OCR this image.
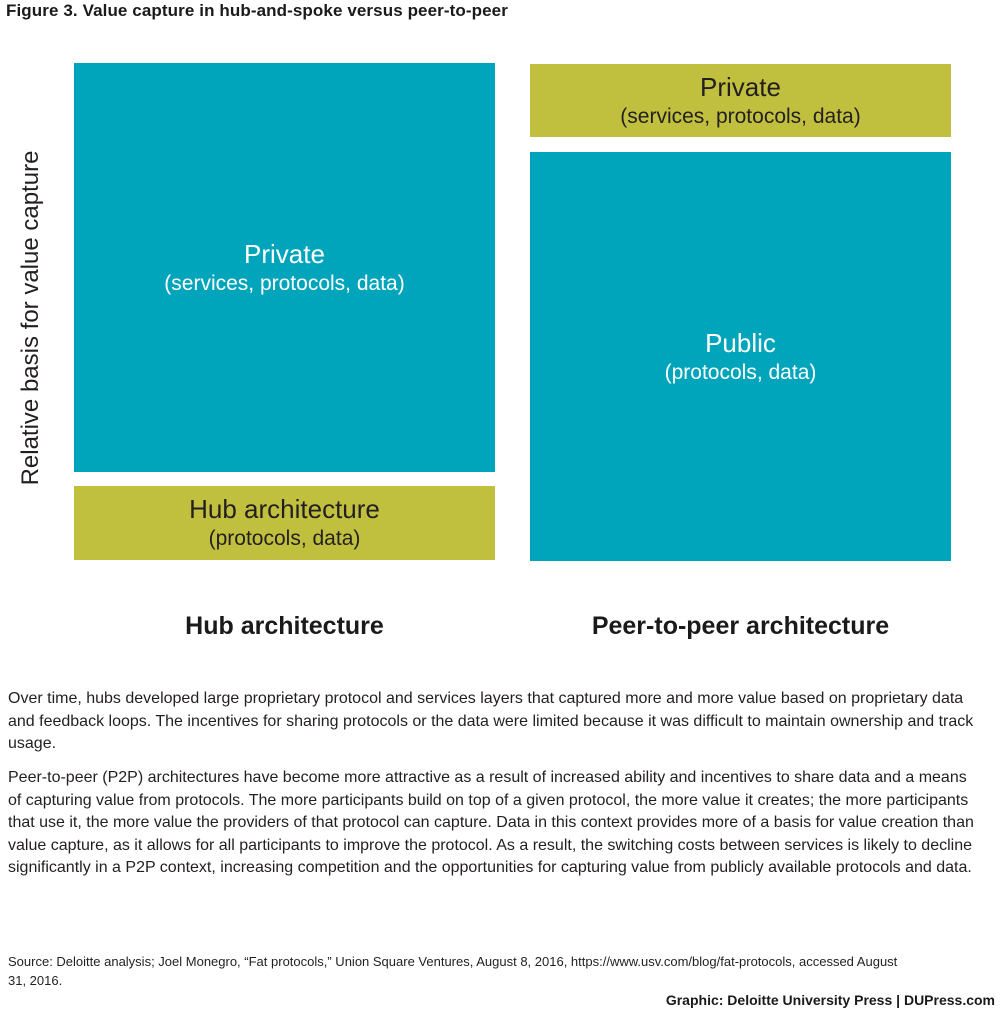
Figure 3. Value capture in hub-and-spoke versus peer-to-peer
Relative basis for value capture	Private
(services, protocols, data)
Hub architecture
(protocols, data)
Private
(services, protocols, data)
Public
(protocols, data)
Hub architecture	Peer-to-peer architecture

Over time, hubs developed large proprietary protocol and services layers that captured more and more value based on proprietary data and feedback loops. The incentives for sharing protocols or the data were limited because it was difficult to maintain ownership and track usage.

Peer-to-peer (P2P) architectures have become more attractive as a result of increased ability and incentives to share data and a means of capturing value from protocols. The more participants build on top of a given protocol, the more value it creates; the more participants that use it, the more value the providers of that protocol can capture. Data in this context provides more of a basis for value creation than value capture, as it allows for all participants to improve the protocol. As a result, the switching costs between services is likely to decline significantly in a P2P context, increasing competition and the opportunities for capturing value from publicly available protocols and data.

Source: Deloitte analysis; Joel Monegro, “Fat protocols,” Union Square Ventures, August 8, 2016, https://www.usv.com/blog/fat-protocols, accessed August 31, 2016.
Graphic: Deloitte University Press | DUPress.com
